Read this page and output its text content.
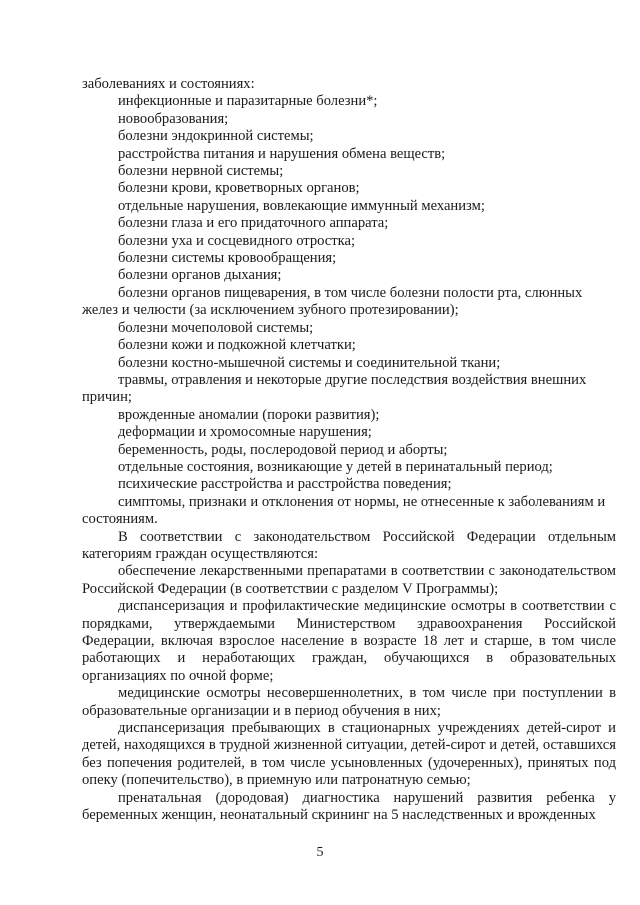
заболеваниях и состояниях:

инфекционные и паразитарные болезни*;

новообразования;

болезни эндокринной системы;

расстройства питания и нарушения обмена веществ;

болезни нервной системы;

болезни крови, кроветворных органов;

отдельные нарушения, вовлекающие иммунный механизм;

болезни глаза и его придаточного аппарата;

болезни уха и сосцевидного отростка;

болезни системы кровообращения;

болезни органов дыхания;

болезни органов пищеварения, в том числе болезни полости рта, слюнных желез и челюсти (за исключением зубного протезировании);

болезни мочеполовой системы;

болезни кожи и подкожной клетчатки;

болезни костно-мышечной системы и соединительной ткани;

травмы, отравления и некоторые другие последствия воздействия внешних причин;

врожденные аномалии (пороки развития);

деформации и хромосомные нарушения;

беременность, роды, послеродовой период и аборты;

отдельные состояния, возникающие у детей в перинатальный период;

психические расстройства и расстройства поведения;

симптомы, признаки и отклонения от нормы, не отнесенные к заболеваниям и состояниям.

В соответствии с законодательством Российской Федерации отдельным категориям граждан осуществляются:

обеспечение лекарственными препаратами в соответствии с законодательством Российской Федерации (в соответствии с разделом V Программы);

диспансеризация и профилактические медицинские осмотры в соответствии с порядками, утверждаемыми Министерством здравоохранения Российской Федерации, включая взрослое население в возрасте 18 лет и старше, в том числе работающих и неработающих граждан, обучающихся в образовательных организациях по очной форме;

медицинские осмотры несовершеннолетних, в том числе при поступлении в образовательные организации и в период обучения в них;

диспансеризация пребывающих в стационарных учреждениях детей-сирот и детей, находящихся в трудной жизненной ситуации, детей-сирот и детей, оставшихся без попечения родителей, в том числе усыновленных (удочеренных), принятых под опеку (попечительство), в приемную или патронатную семью;

пренатальная (дородовая) диагностика нарушений развития ребенка у беременных женщин, неонатальный скрининг на 5 наследственных и врожденных

5
